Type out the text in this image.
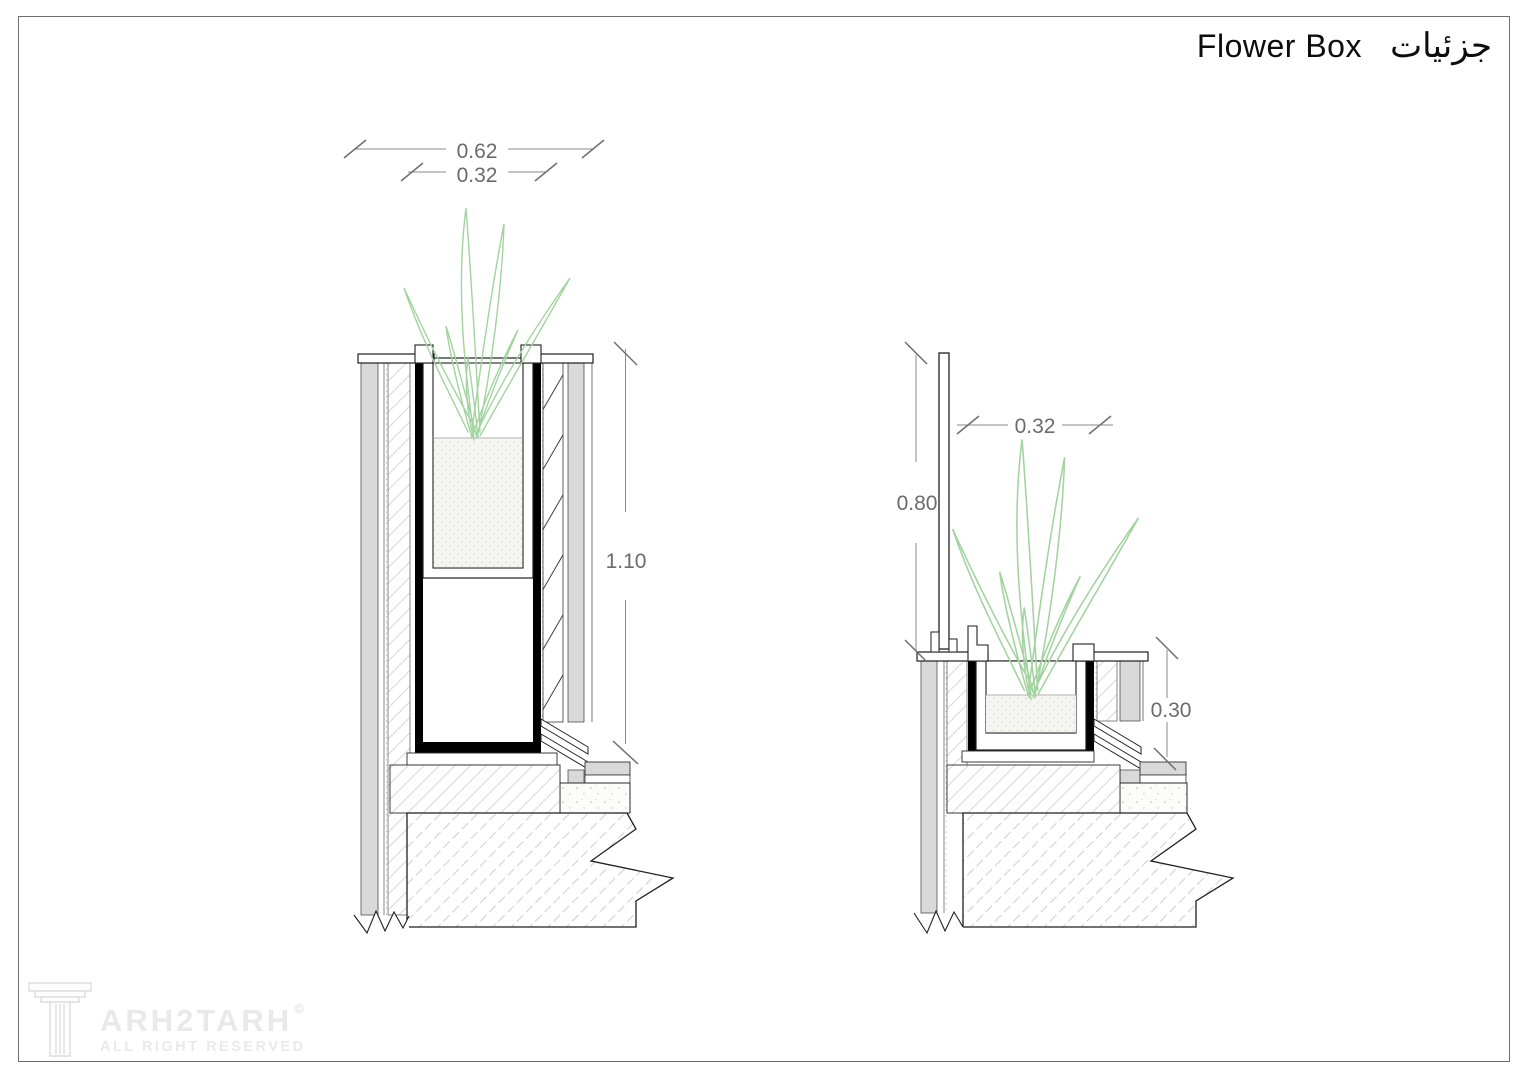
Flower Box جزئيات
0.62
0.32
1.10
0.80
0.32
0.30
ARH2TARH ©
ALL RIGHT RESERVED
